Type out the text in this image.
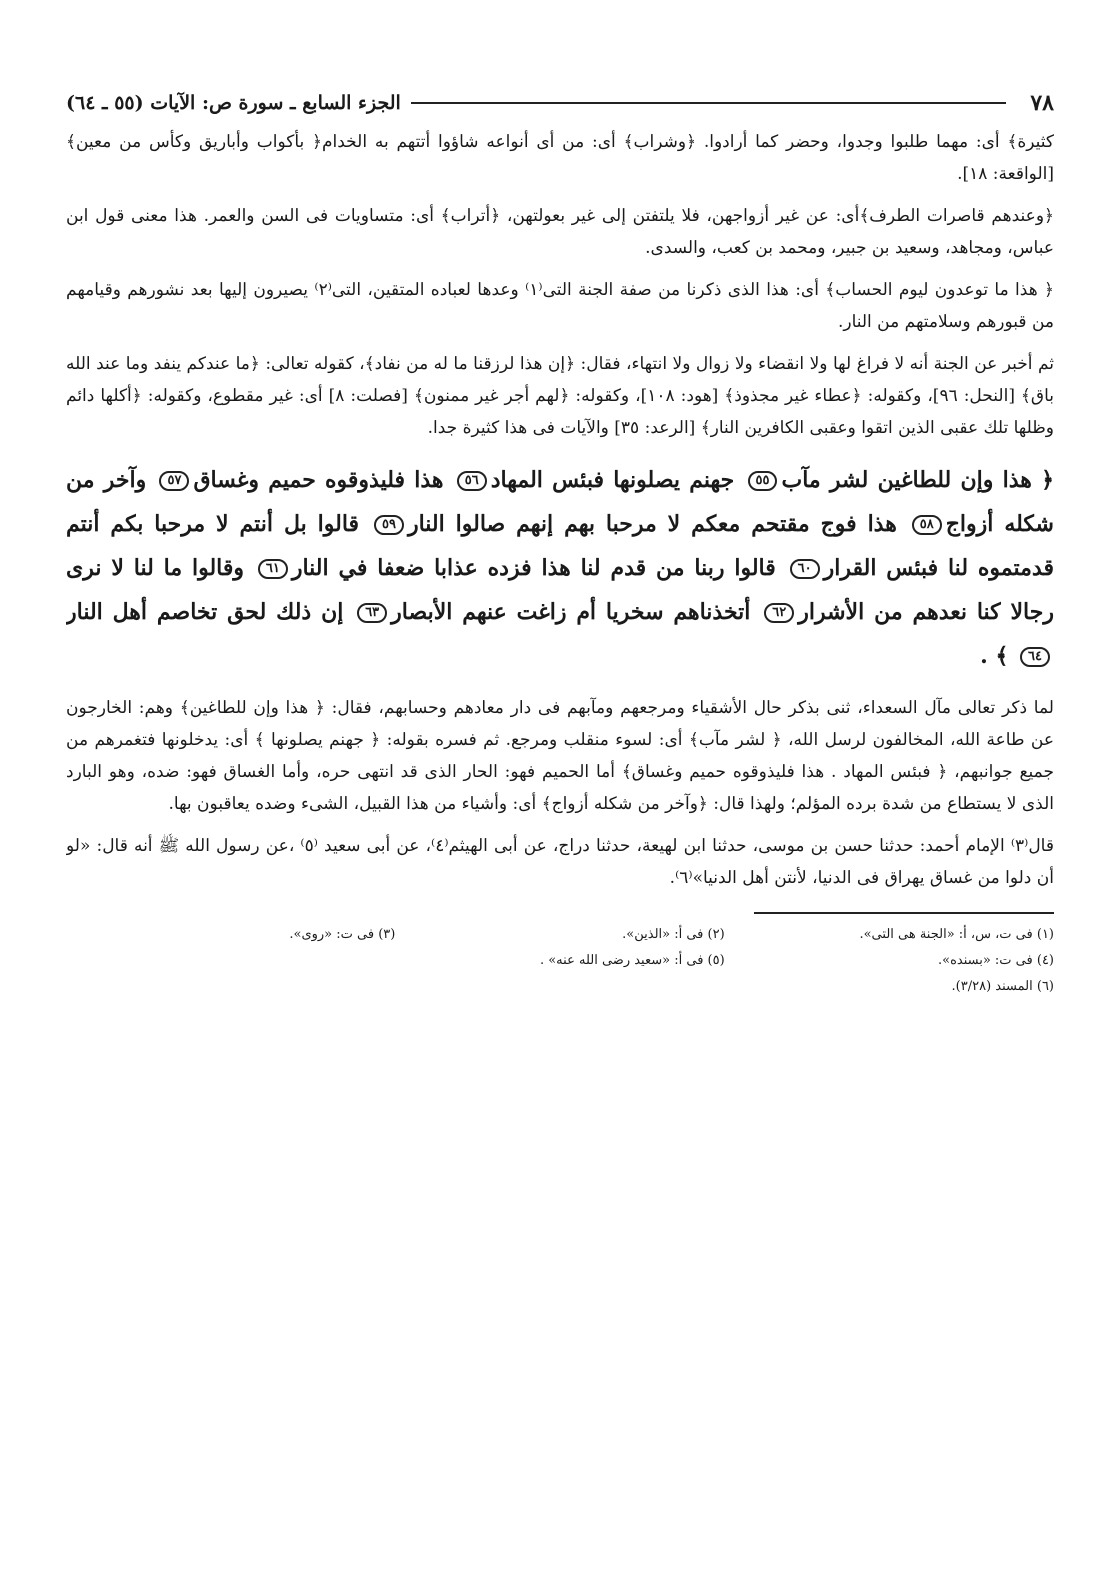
٧٨
الجزء السابع ـ سورة ص: الآيات (٥٥ ـ ٦٤)

كثيرة﴾ أى: مهما طلبوا وجدوا، وحضر كما أرادوا. ﴿وشراب﴾ أى: من أى أنواعه شاؤوا أتتهم به الخدام﴿ بأكواب وأباريق وكأس من معين﴾ [الواقعة: ١٨].

﴿وعندهم قاصرات الطرف﴾أى: عن غير أزواجهن، فلا يلتفتن إلى غير بعولتهن، ﴿أتراب﴾ أى: متساويات فى السن والعمر. هذا معنى قول ابن عباس، ومجاهد، وسعيد بن جبير، ومحمد بن كعب، والسدى.

﴿ هذا ما توعدون ليوم الحساب﴾ أى: هذا الذى ذكرنا من صفة الجنة التى⁽١⁾ وعدها لعباده المتقين، التى⁽٢⁾ يصيرون إليها بعد نشورهم وقيامهم من قبورهم وسلامتهم من النار.

ثم أخبر عن الجنة أنه لا فراغ لها ولا انقضاء ولا زوال ولا انتهاء، فقال: ﴿إن هذا لرزقنا ما له من نفاد﴾، كقوله تعالى: ﴿ما عندكم ينفد وما عند الله باق﴾ [النحل: ٩٦]، وكقوله: ﴿عطاء غير مجذوذ﴾ [هود: ١٠٨]، وكقوله: ﴿لهم أجر غير ممنون﴾ [فصلت: ٨] أى: غير مقطوع، وكقوله: ﴿أكلها دائم وظلها تلك عقبى الذين اتقوا وعقبى الكافرين النار﴾ [الرعد: ٣٥] والآيات فى هذا كثيرة جدا.

﴿ هذا وإن للطاغين لشر مآب٥٥ جهنم يصلونها فبئس المهاد٥٦ هذا فليذوقوه حميم وغساق٥٧ وآخر من شكله أزواج٥٨ هذا فوج مقتحم معكم لا مرحبا بهم إنهم صالوا النار٥٩ قالوا بل أنتم لا مرحبا بكم أنتم قدمتموه لنا فبئس القرار٦٠ قالوا ربنا من قدم لنا هذا فزده عذابا ضعفا في النار٦١ وقالوا ما لنا لا نرى رجالا كنا نعدهم من الأشرار٦٢ أتخذناهم سخريا أم زاغت عنهم الأبصار٦٣ إن ذلك لحق تخاصم أهل النار٦٤ ﴾ .

لما ذكر تعالى مآل السعداء، ثنى بذكر حال الأشقياء ومرجعهم ومآبهم فى دار معادهم وحسابهم، فقال: ﴿ هذا وإن للطاغين﴾ وهم: الخارجون عن طاعة الله، المخالفون لرسل الله، ﴿ لشر مآب﴾ أى: لسوء منقلب ومرجع. ثم فسره بقوله: ﴿ جهنم يصلونها ﴾ أى: يدخلونها فتغمرهم من جميع جوانبهم، ﴿ فبئس المهاد . هذا فليذوقوه حميم وغساق﴾ أما الحميم فهو: الحار الذى قد انتهى حره، وأما الغساق فهو: ضده، وهو البارد الذى لا يستطاع من شدة برده المؤلم؛ ولهذا قال: ﴿وآخر من شكله أزواج﴾ أى: وأشياء من هذا القبيل، الشىء وضده يعاقبون بها.

قال⁽٣⁾ الإمام أحمد: حدثنا حسن بن موسى، حدثنا ابن لهيعة، حدثنا دراج، عن أبى الهيثم⁽٤⁾، عن أبى سعيد ⁽٥⁾ ،عن رسول الله ﷺ أنه قال: «لو أن دلوا من غساق يهراق فى الدنيا، لأنتن أهل الدنيا»⁽٦⁾.

(١) فى ت، س، أ: «الجنة هى التى».
(٢) فى أ: «الذين».
(٣) فى ت: «روى».
(٤) فى ت: «بسنده».
(٥) فى أ: «سعيد رضى الله عنه» .
(٦) المسند (٣/٢٨).
